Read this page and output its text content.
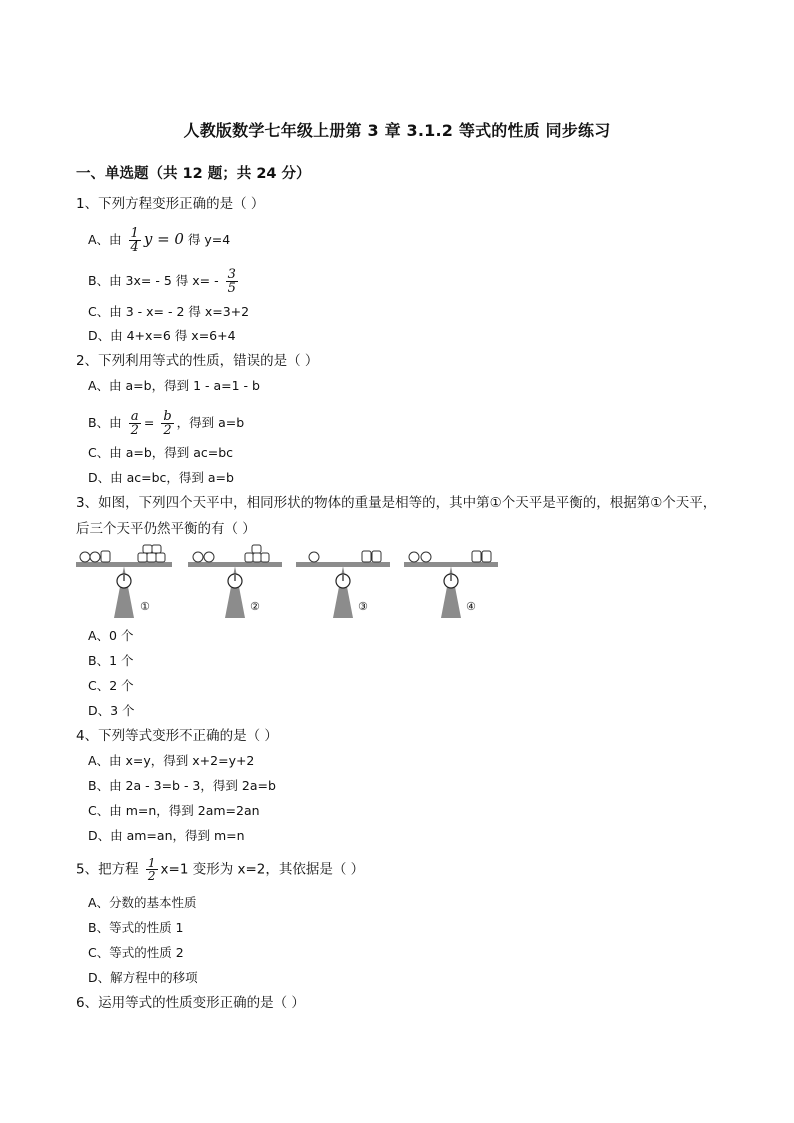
人教版数学七年级上册第 3 章 3.1.2 等式的性质 同步练习
一、单选题（共 12 题；共 24 分）
1、下列方程变形正确的是（ ）
A、由 $\frac{1}{4}$ y = 0 得 y=4
B、由 3x= - 5 得 $x= - \frac{3}{5}$
C、由 3 - x= - 2 得 x=3+2
D、由 4+x=6 得 x=6+4
2、下列利用等式的性质，错误的是（ ）
A、由 a=b，得到 1 - a=1 - b
B、由 $\frac{a}{2} = \frac{b}{2}$ ，得到 a=b
C、由 a=b，得到 ac=bc
D、由 ac=bc，得到 a=b
3、如图，下列四个天平中，相同形状的物体的重量是相等的，其中第①个天平是平衡的，根据第①个天平，后三个天平仍然平衡的有（ ）
①	②	③	④
A、0 个
B、1 个
C、2 个
D、3 个
4、下列等式变形不正确的是（ ）
A、由 x=y，得到 x+2=y+2
B、由 2a - 3=b - 3，得到 2a=b
C、由 m=n，得到 2am=2an
D、由 am=an，得到 m=n
5、把方程 $\frac{1}{2} x=1$ 变形为 x=2，其依据是（ ）
A、分数的基本性质
B、等式的性质 1
C、等式的性质 2
D、解方程中的移项
6、运用等式的性质变形正确的是（ ）
